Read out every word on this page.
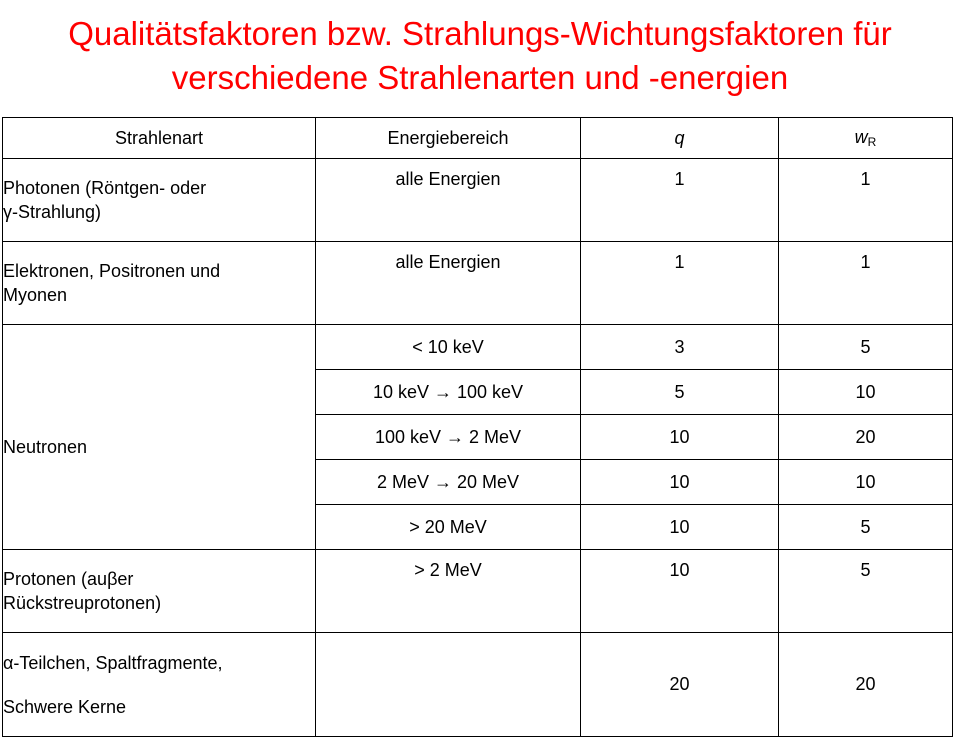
Qualitätsfaktoren bzw. Strahlungs-Wichtungsfaktoren für
verschiedene Strahlenarten und -energien
Strahlenart	Energiebereich	q	$w_R$

Photonen (Röntgen- oder
γ-Strahlung)	alle Energien	1	1

Elektronen, Positronen und
Myonen	alle Energien	1	1
Neutronen	< 10 keV	3	5
	10 keV → 100 keV	5	10
	100 keV → 2 MeV	10	20
	2 MeV → 20 MeV	10	10
	> 20 MeV	10	5

Protonen (auβer
Rückstreuprotonen)	> 2 MeV	10	5

α-Teilchen, Spaltfragmente,
Schwere Kerne		20	20
